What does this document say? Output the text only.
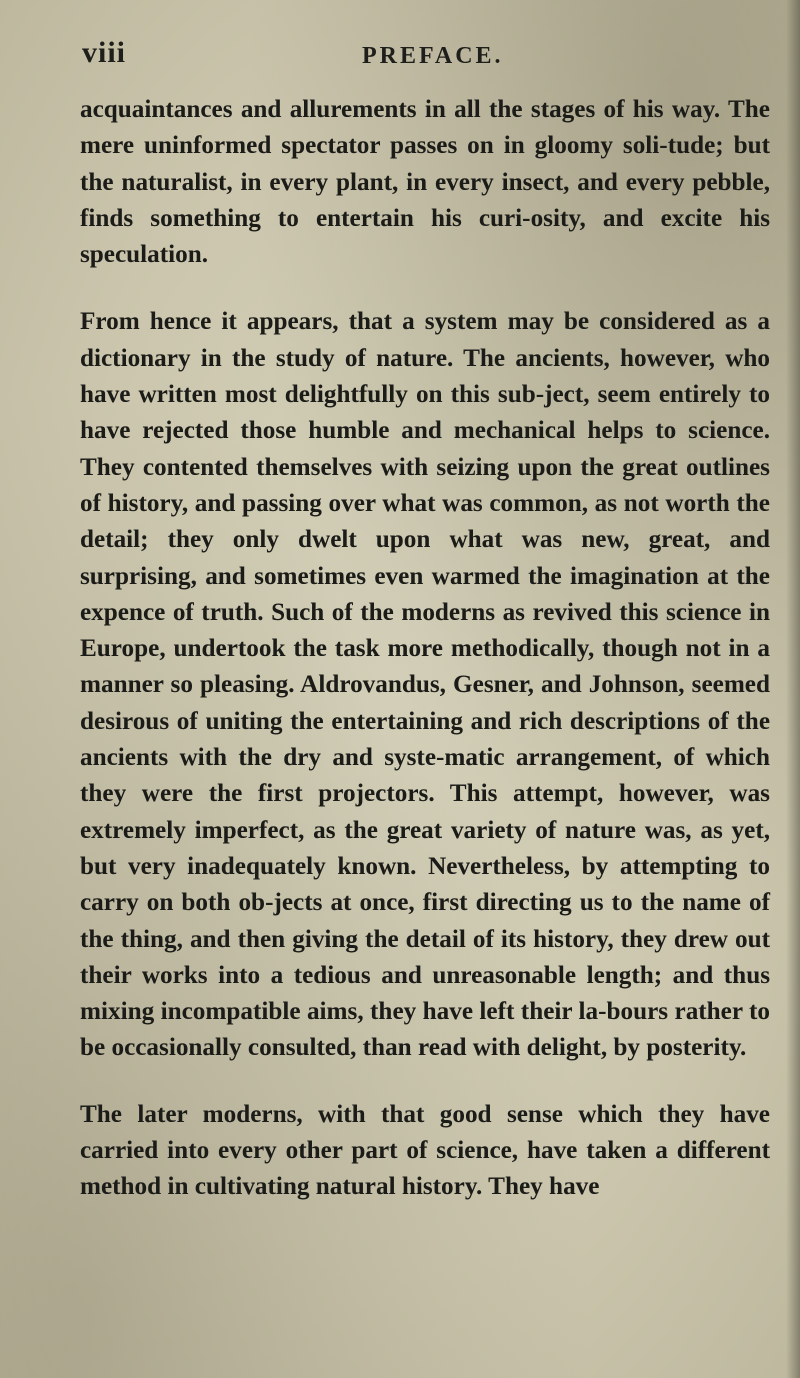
viii	PREFACE.

acquaintances and allurements in all the stages of his way. The mere uninformed spectator passes on in gloomy soli-tude; but the naturalist, in every plant, in every insect, and every pebble, finds something to entertain his curi-osity, and excite his speculation.

From hence it appears, that a system may be considered as a dictionary in the study of nature. The ancients, however, who have written most delightfully on this sub-ject, seem entirely to have rejected those humble and mechanical helps to science. They contented themselves with seizing upon the great outlines of history, and passing over what was common, as not worth the detail; they only dwelt upon what was new, great, and surprising, and sometimes even warmed the imagination at the expence of truth. Such of the moderns as revived this science in Europe, undertook the task more methodically, though not in a manner so pleasing. Aldrovandus, Gesner, and Johnson, seemed desirous of uniting the entertaining and rich descriptions of the ancients with the dry and syste-matic arrangement, of which they were the first projectors. This attempt, however, was extremely imperfect, as the great variety of nature was, as yet, but very inadequately known. Nevertheless, by attempting to carry on both ob-jects at once, first directing us to the name of the thing, and then giving the detail of its history, they drew out their works into a tedious and unreasonable length; and thus mixing incompatible aims, they have left their la-bours rather to be occasionally consulted, than read with delight, by posterity.

The later moderns, with that good sense which they have carried into every other part of science, have taken a different method in cultivating natural history. They have
